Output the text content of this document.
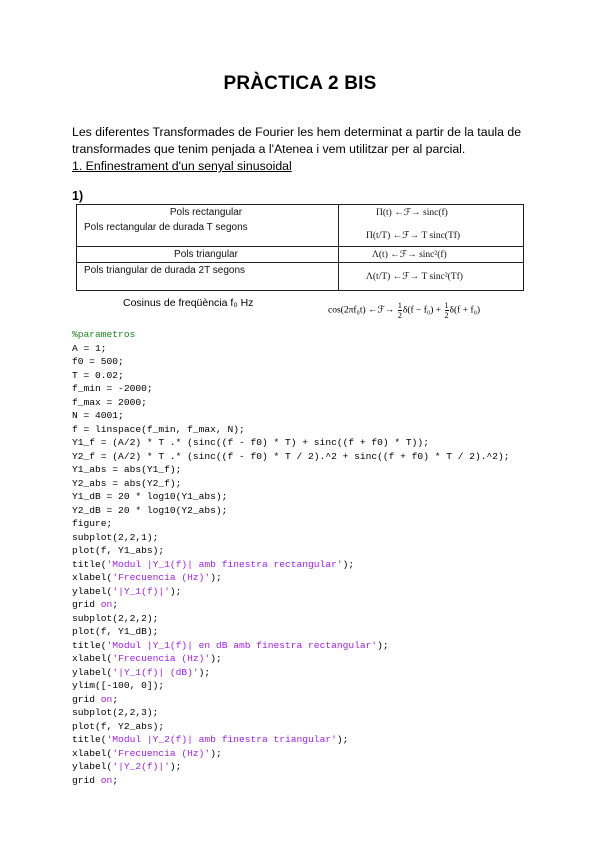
PRÀCTICA 2 BIS

Les diferentes Transformades de Fourier les hem determinat a partir de la taula de transformades que tenim penjada a l'Atenea i vem utilitzar per al parcial.

1. Enfinestrament d'un senyal sinusoidal

1)
Pols rectangular	Π(t) ←ℱ→ sinc(f)
Pols rectangular de durada T segons
Π(t/T) ←ℱ→ T sinc(Tf)
Pols triangular	Λ(t) ←ℱ→ sinc²(f)
Pols triangular de durada 2T segons
Λ(t/T) ←ℱ→ T sinc²(Tf)
Cosinus de freqüència f₀ Hz
cos(2πf₀t) ←ℱ→ $\frac{1}{2} \delta(f - f_0) + \frac{1}{2} \delta(f + f_0)$
%parametros
A = 1;
f0 = 500;
T = 0.02;
f_min = -2000;
f_max = 2000;
N = 4001;
f = linspace(f_min, f_max, N);
Y1_f = (A/2) * T .* (sinc((f - f0) * T) + sinc((f + f0) * T));
Y2_f = (A/2) * T .* (sinc((f - f0) * T / 2).^2 + sinc((f + f0) * T / 2).^2);
Y1_abs = abs(Y1_f);
Y2_abs = abs(Y2_f);
Y1_dB = 20 * log10(Y1_abs);
Y2_dB = 20 * log10(Y2_abs);
figure;
subplot(2,2,1);
plot(f, Y1_abs);
title('Modul |Y_1(f)| amb finestra rectangular');
xlabel('Frecuencia (Hz)');
ylabel('|Y_1(f)|');
grid on;
subplot(2,2,2);
plot(f, Y1_dB);
title('Modul |Y_1(f)| en dB amb finestra rectangular');
xlabel('Frecuencia (Hz)');
ylabel('|Y_1(f)| (dB)');
ylim([-100, 0]);
grid on;
subplot(2,2,3);
plot(f, Y2_abs);
title('Modul |Y_2(f)| amb finestra triangular');
xlabel('Frecuencia (Hz)');
ylabel('|Y_2(f)|');
grid on;
